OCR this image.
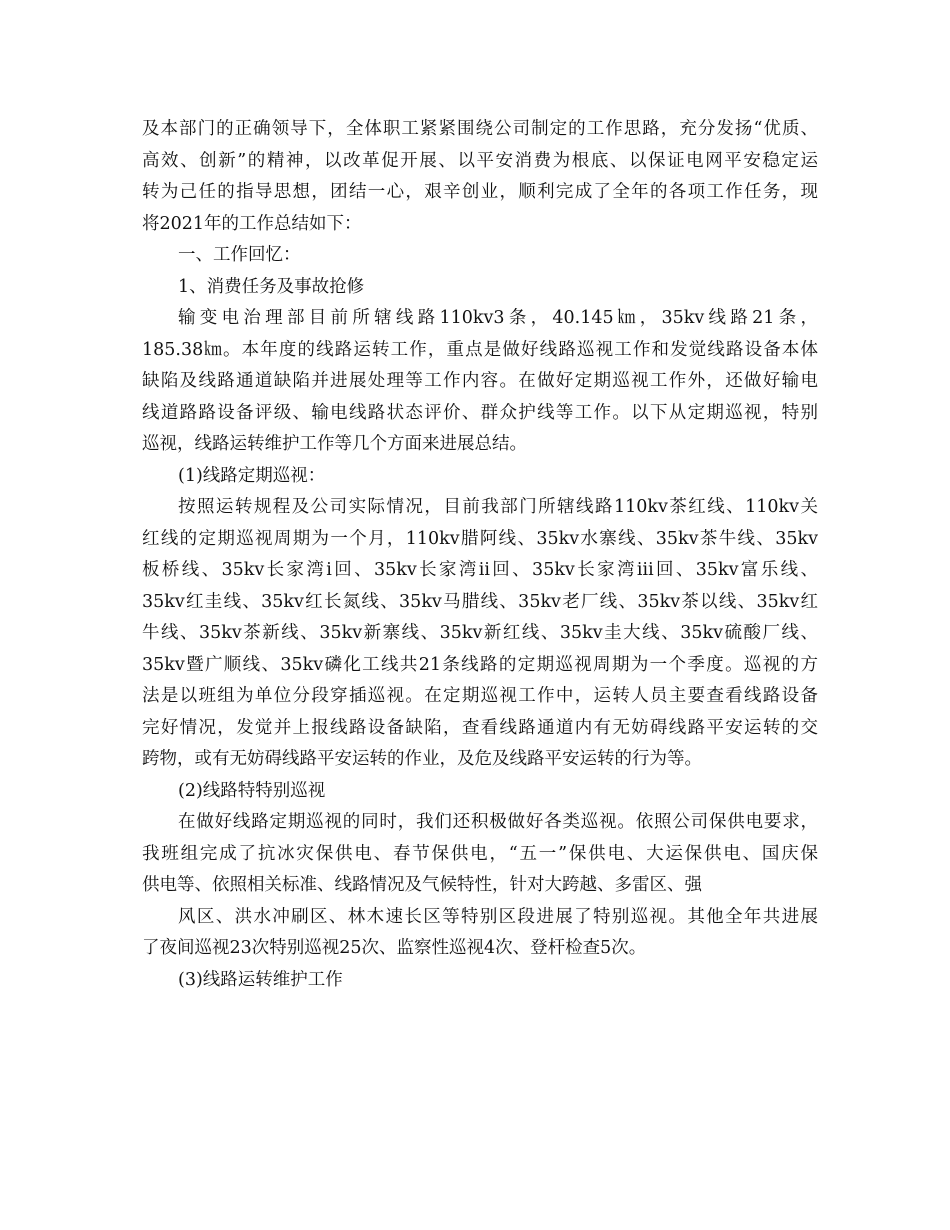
及本部门的正确领导下，全体职工紧紧围绕公司制定的工作思路，充分发扬“优质、
高效、创新”的精神，以改革促开展、以平安消费为根底、以保证电网平安稳定运
转为己任的指导思想，团结一心，艰辛创业，顺利完成了全年的各项工作任务，现
将2021年的工作总结如下：
一、工作回忆：
1、消费任务及事故抢修
输变电治理部目前所辖线路110kv3条，40.145㎞，35kv线路21条，
185.38㎞。本年度的线路运转工作，重点是做好线路巡视工作和发觉线路设备本体
缺陷及线路通道缺陷并进展处理等工作内容。在做好定期巡视工作外，还做好输电
线道路路设备评级、输电线路状态评价、群众护线等工作。以下从定期巡视，特别
巡视，线路运转维护工作等几个方面来进展总结。
(1)线路定期巡视：
按照运转规程及公司实际情况，目前我部门所辖线路110kv茶红线、110kv关
红线的定期巡视周期为一个月，110kv腊阿线、35kv水寨线、35kv茶牛线、35kv
板桥线、35kv长家湾ⅰ回、35kv长家湾ⅱ回、35kv长家湾ⅲ回、35kv富乐线、
35kv红圭线、35kv红长氮线、35kv马腊线、35kv老厂线、35kv茶以线、35kv红
牛线、35kv茶新线、35kv新寨线、35kv新红线、35kv圭大线、35kv硫酸厂线、
35kv暨广顺线、35kv磷化工线共21条线路的定期巡视周期为一个季度。巡视的方
法是以班组为单位分段穿插巡视。在定期巡视工作中，运转人员主要查看线路设备
完好情况，发觉并上报线路设备缺陷，查看线路通道内有无妨碍线路平安运转的交
跨物，或有无妨碍线路平安运转的作业，及危及线路平安运转的行为等。
(2)线路特特别巡视
在做好线路定期巡视的同时，我们还积极做好各类巡视。依照公司保供电要求，
我班组完成了抗冰灾保供电、春节保供电，“五一”保供电、大运保供电、国庆保
供电等、依照相关标准、线路情况及气候特性，针对大跨越、多雷区、强
风区、洪水冲刷区、林木速长区等特别区段进展了特别巡视。其他全年共进展
了夜间巡视23次特别巡视25次、监察性巡视4次、登杆检查5次。
(3)线路运转维护工作
